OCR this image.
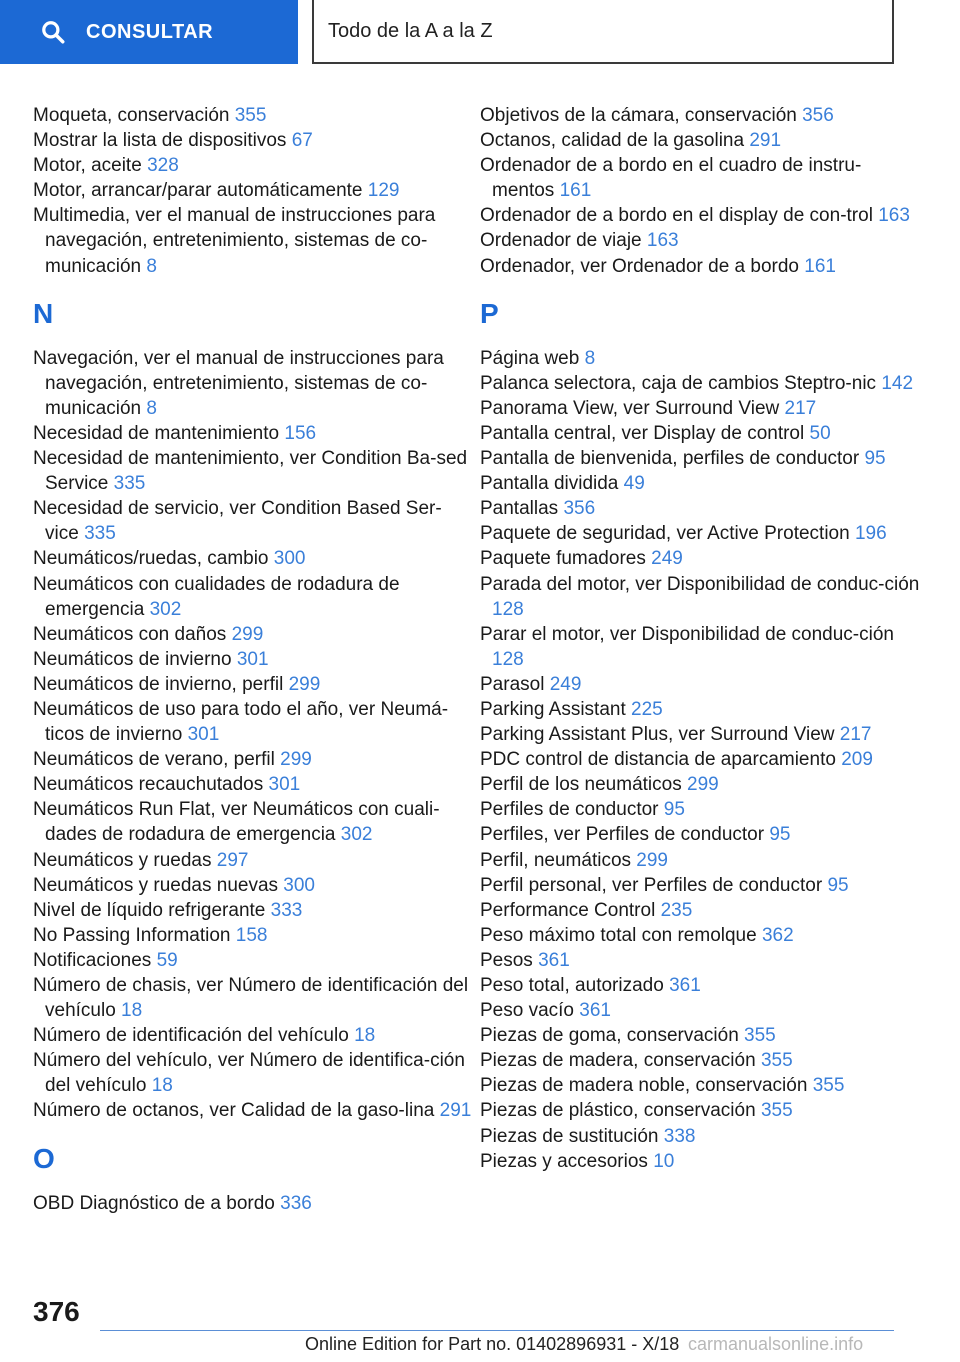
CONSULTAR	Todo de la A a la Z
Moqueta, conservación 355
Mostrar la lista de dispositivos 67
Motor, aceite 328
Motor, arrancar/parar automáticamente 129
Multimedia, ver el manual de instrucciones para navegación, entretenimiento, sistemas de co‐municación 8
N
Navegación, ver el manual de instrucciones para navegación, entretenimiento, sistemas de co‐municación 8
Necesidad de mantenimiento 156
Necesidad de mantenimiento, ver Condition Ba‐sed Service 335
Necesidad de servicio, ver Condition Based Ser‐vice 335
Neumáticos/ruedas, cambio 300
Neumáticos con cualidades de rodadura de emergencia 302
Neumáticos con daños 299
Neumáticos de invierno 301
Neumáticos de invierno, perfil 299
Neumáticos de uso para todo el año, ver Neumá‐ticos de invierno 301
Neumáticos de verano, perfil 299
Neumáticos recauchutados 301
Neumáticos Run Flat, ver Neumáticos con cuali‐dades de rodadura de emergencia 302
Neumáticos y ruedas 297
Neumáticos y ruedas nuevas 300
Nivel de líquido refrigerante 333
No Passing Information 158
Notificaciones 59
Número de chasis, ver Número de identificación del vehículo 18
Número de identificación del vehículo 18
Número del vehículo, ver Número de identifica‐ción del vehículo 18
Número de octanos, ver Calidad de la gaso‐lina 291
O
OBD Diagnóstico de a bordo 336
Objetivos de la cámara, conservación 356
Octanos, calidad de la gasolina 291
Ordenador de a bordo en el cuadro de instru‐mentos 161
Ordenador de a bordo en el display de con‐trol 163
Ordenador de viaje 163
Ordenador, ver Ordenador de a bordo 161
P
Página web 8
Palanca selectora, caja de cambios Steptro‐nic 142
Panorama View, ver Surround View 217
Pantalla central, ver Display de control 50
Pantalla de bienvenida, perfiles de conductor 95
Pantalla dividida 49
Pantallas 356
Paquete de seguridad, ver Active Protection 196
Paquete fumadores 249
Parada del motor, ver Disponibilidad de conduc‐ción 128
Parar el motor, ver Disponibilidad de conduc‐ción 128
Parasol 249
Parking Assistant 225
Parking Assistant Plus, ver Surround View 217
PDC control de distancia de aparcamiento 209
Perfil de los neumáticos 299
Perfiles de conductor 95
Perfiles, ver Perfiles de conductor 95
Perfil, neumáticos 299
Perfil personal, ver Perfiles de conductor 95
Performance Control 235
Peso máximo total con remolque 362
Pesos 361
Peso total, autorizado 361
Peso vacío 361
Piezas de goma, conservación 355
Piezas de madera, conservación 355
Piezas de madera noble, conservación 355
Piezas de plástico, conservación 355
Piezas de sustitución 338
Piezas y accesorios 10
376
Online Edition for Part no. 01402896931 - X/18 carmanualsonline.info
